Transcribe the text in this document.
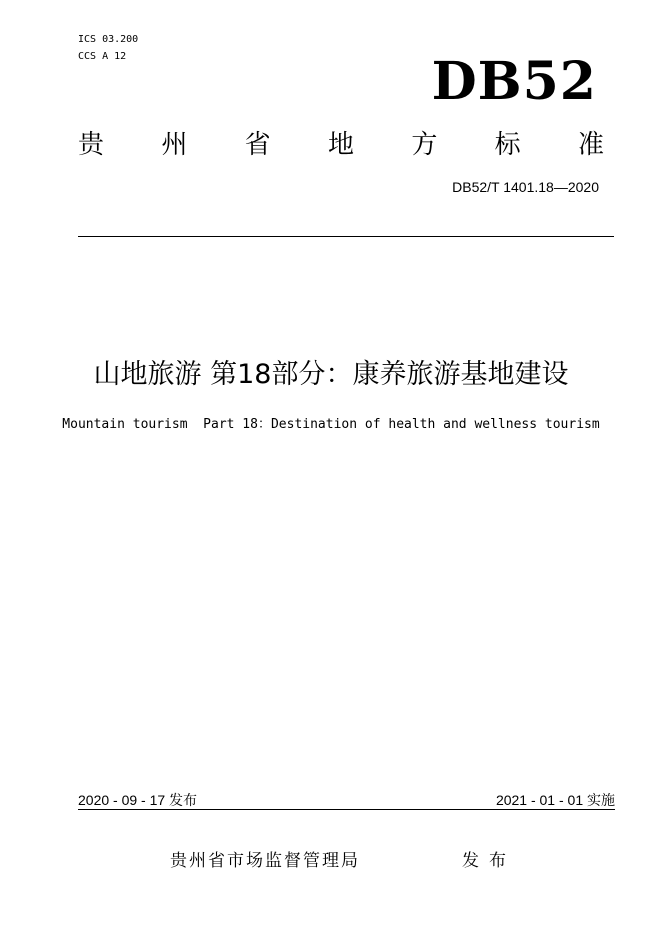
ICS 03.200
CCS A 12	DB52
贵 州 省 地 方 标 准
DB52/T 1401.18—2020
山地旅游 第18部分：康养旅游基地建设
Mountain tourism  Part 18：Destination of health and wellness tourism
2020 - 09 - 17 发布	2021 - 01 - 01 实施
贵州省市场监督管理局	发布
